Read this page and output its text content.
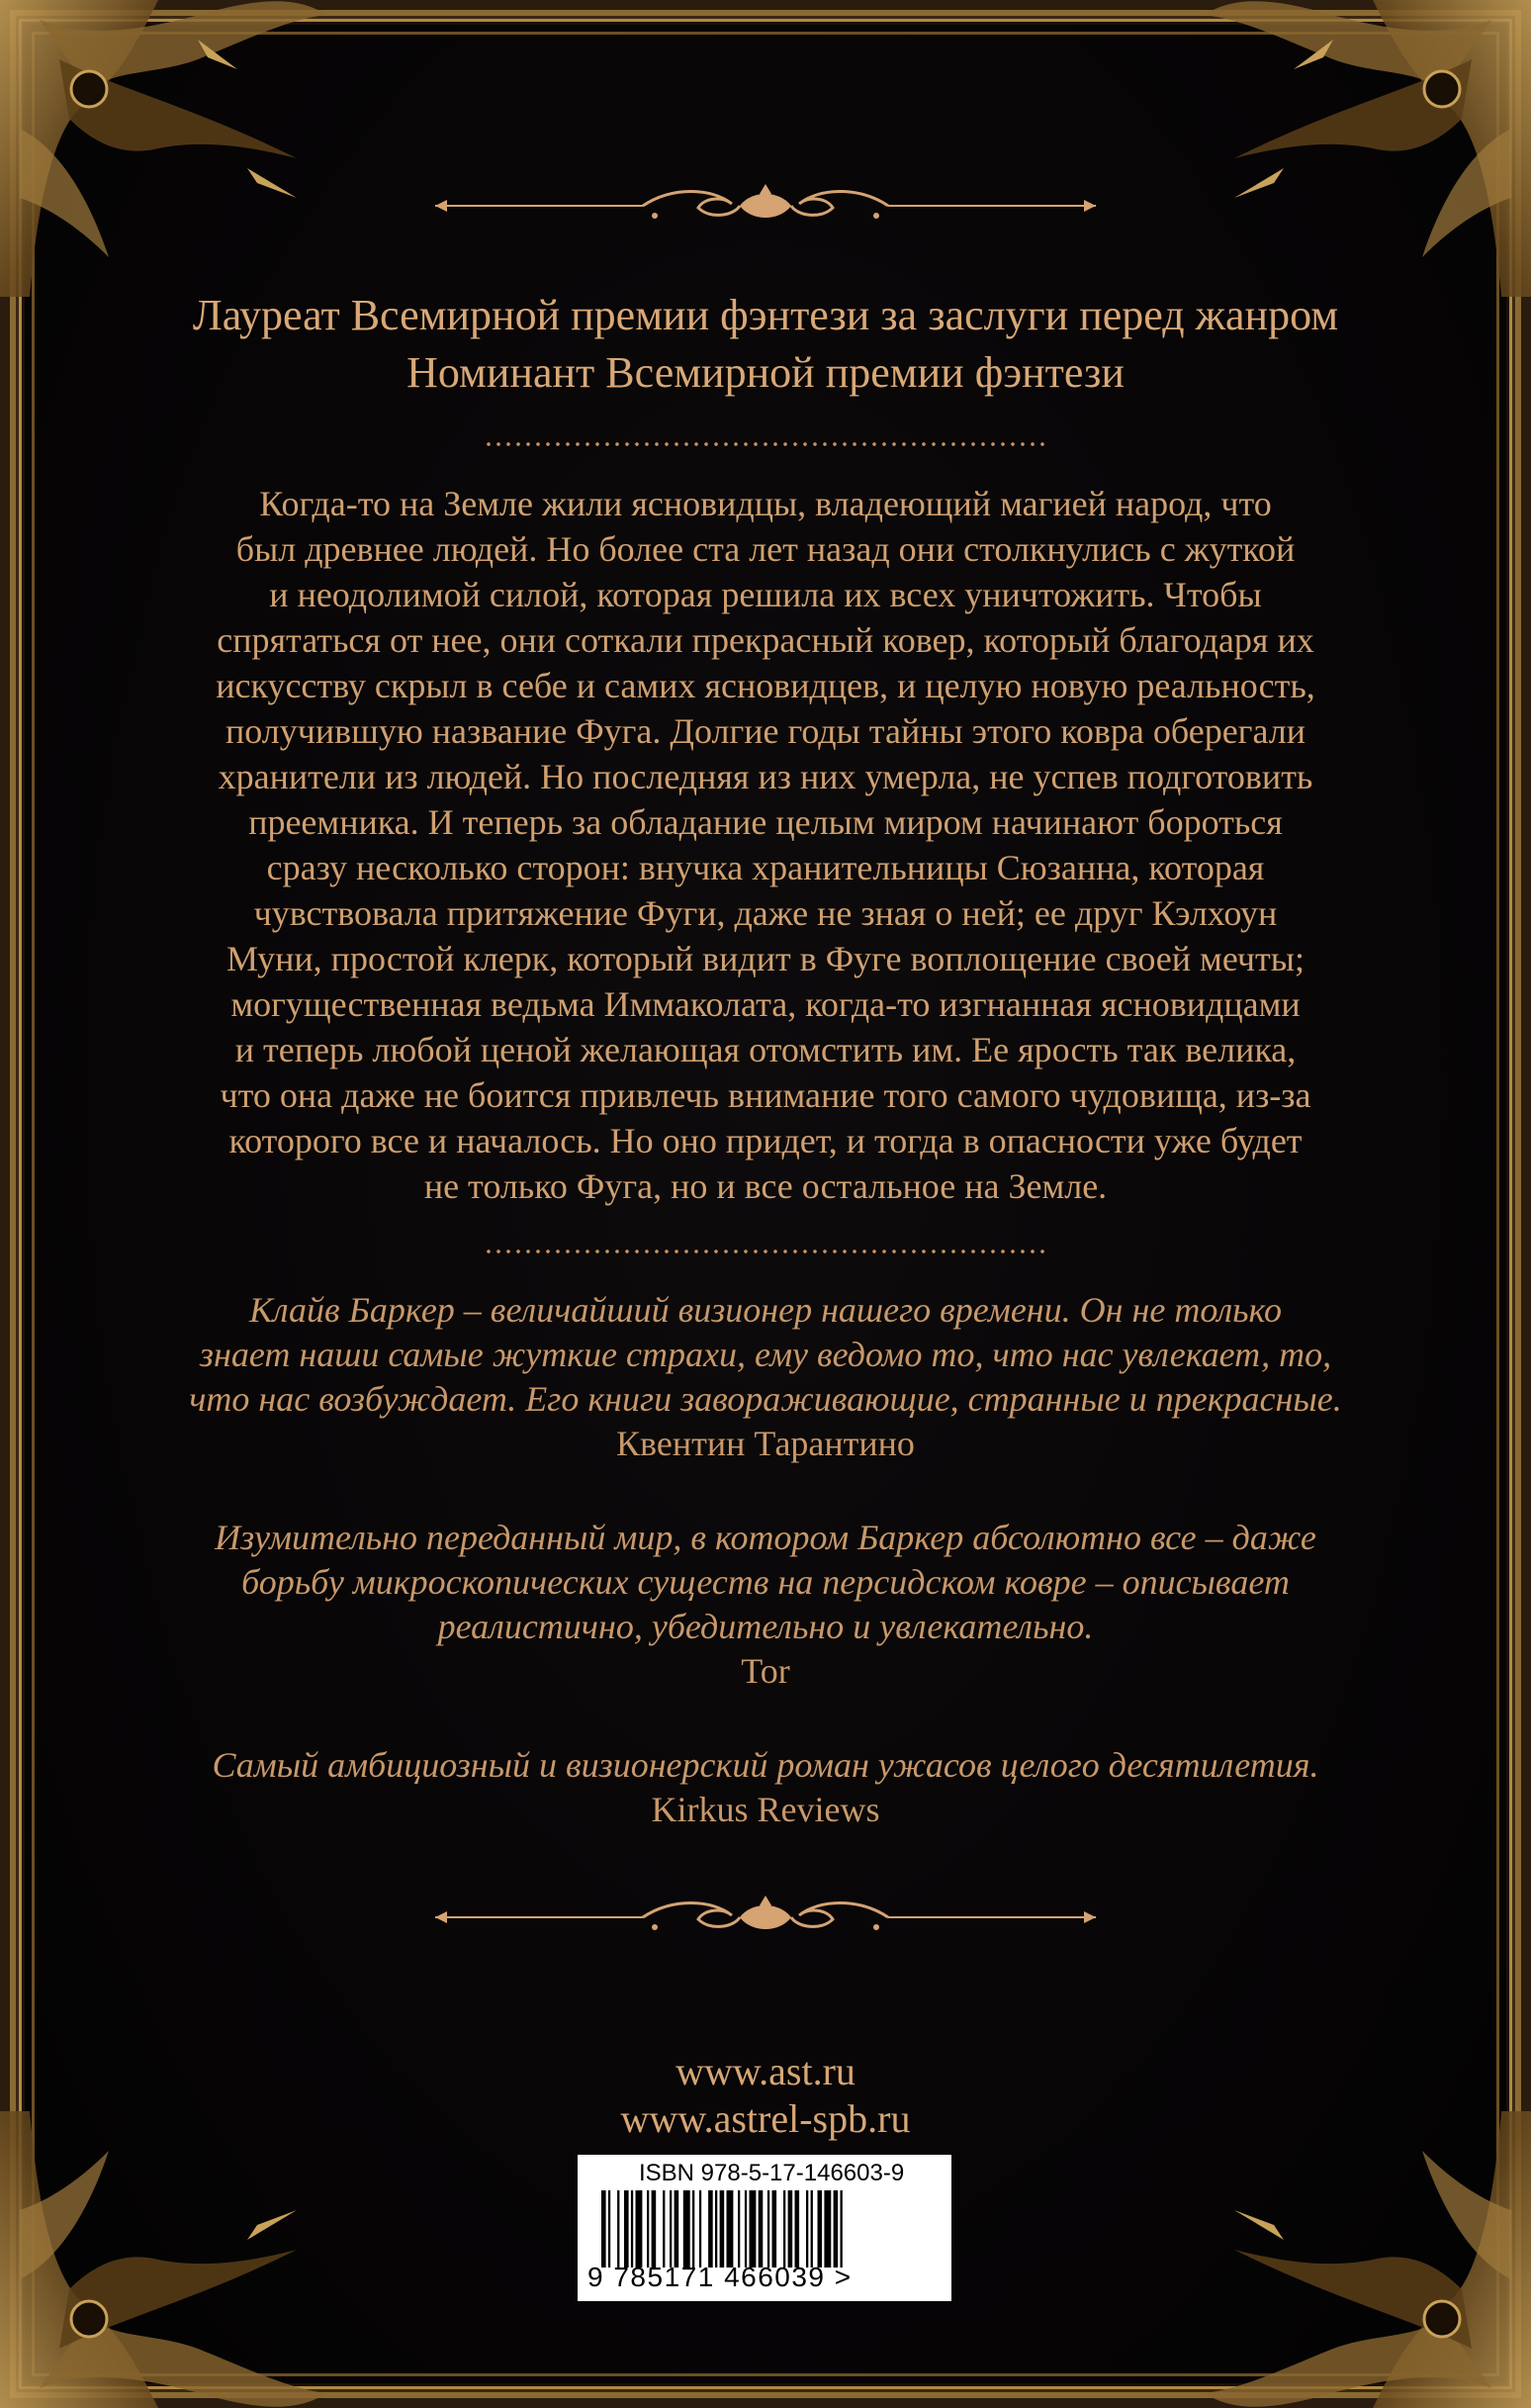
Лауреат Всемирной премии фэнтези за заслуги перед жанром
Номинант Всемирной премии фэнтези
Когда-то на Земле жили ясновидцы, владеющий магией народ, что
был древнее людей. Но более ста лет назад они столкнулись с жуткой
и неодолимой силой, которая решила их всех уничтожить. Чтобы
спрятаться от нее, они соткали прекрасный ковер, который благодаря их
искусству скрыл в себе и самих ясновидцев, и целую новую реальность,
получившую название Фуга. Долгие годы тайны этого ковра оберегали
хранители из людей. Но последняя из них умерла, не успев подготовить
преемника. И теперь за обладание целым миром начинают бороться
сразу несколько сторон: внучка хранительницы Сюзанна, которая
чувствовала притяжение Фуги, даже не зная о ней; ее друг Кэлхоун
Муни, простой клерк, который видит в Фуге воплощение своей мечты;
могущественная ведьма Иммаколата, когда-то изгнанная ясновидцами
и теперь любой ценой желающая отомстить им. Ее ярость так велика,
что она даже не боится привлечь внимание того самого чудовища, из-за
которого все и началось. Но оно придет, и тогда в опасности уже будет
не только Фуга, но и все остальное на Земле.
Клайв Баркер – величайший визионер нашего времени. Он не только
знает наши самые жуткие страхи, ему ведомо то, что нас увлекает, то,
что нас возбуждает. Его книги завораживающие, странные и прекрасные.
Квентин Тарантино
Изумительно переданный мир, в котором Баркер абсолютно все – даже
борьбу микроскопических существ на персидском ковре – описывает
реалистично, убедительно и увлекательно.
Tor
Самый амбициозный и визионерский роман ужасов целого десятилетия.
Kirkus Reviews
www.ast.ru
www.astrel-spb.ru
ISBN 978-5-17-146603-9
9 785171 466039 >
